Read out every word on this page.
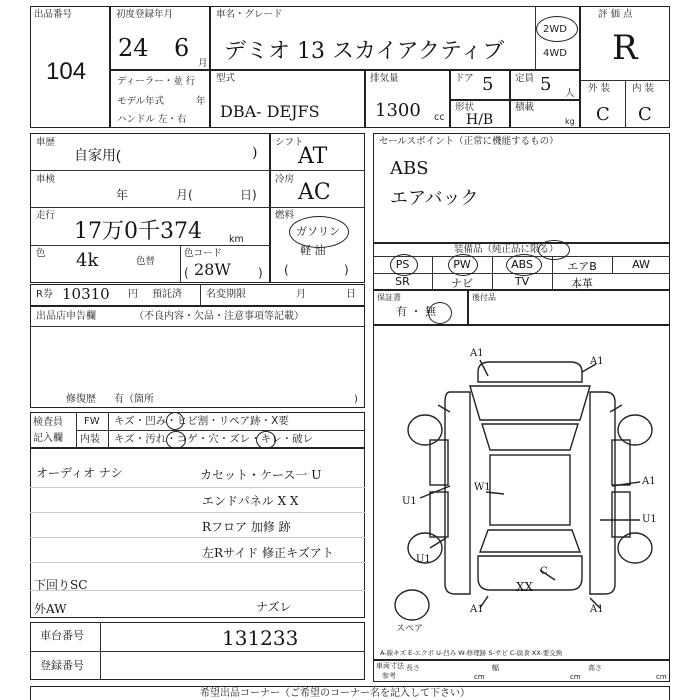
出品番号
104
初度登録年月
24 6
月
車名・グレード
デミオ 13 スカイアクティブ
2WD
4WD
評 価 点
R
外 装 内 装
C C
ディーラー・並 行
モデル年式	年
ハンドル 左・右
型式
DBA- DEJFS
排気量
1300 cc
ドア 5 定員 5 人
形状
H/B
積載
kg
車歴
自家用(	)
車検
年	月(	日)
走行
17万0千374	km
色 4k	色替
色コード
28W
(	)
シフト
AT
冷房
AC
燃料
ガソリン
軽 油
(	)
R券 10310 円 預託済 名変期限	月	日
セールスポイント（正常に機能するもの）
ABS
エアバック
装備品（純正品に限る）
PS	PW	ABS	エアB	AW
SR	ナビ	TV	本革
保証書
有 ・ 無
後付品
出品店申告欄	（不良内容・欠品・注意事項等記載）
修復歴 有（箇所	)
検査員
記入欄
FW キズ・凹み・ヒビ割・リペア跡・X要
内装 キズ・汚れ・コゲ・穴・ズレ・キレ・破レ
オーディオ ナシ	カセット・ケース一 U
エンドパネル X X
Rフロア 加修 跡
左Rサイド 修正キズアト
下回りSC
外AW	ナズレ
車台番号	131233
登録番号
A1
A1
U1
W1
A1
U1
U1
C
A1	A1
XX
スペア
A-線キズ E-エクボ U-凹み W-修理跡 S-サビ C-腐食 XX-要交換
車両寸法
参考
長さ
cm
幅
cm
高さ
cm
希望出品コーナー（ご希望のコーナー名を記入して下さい）
